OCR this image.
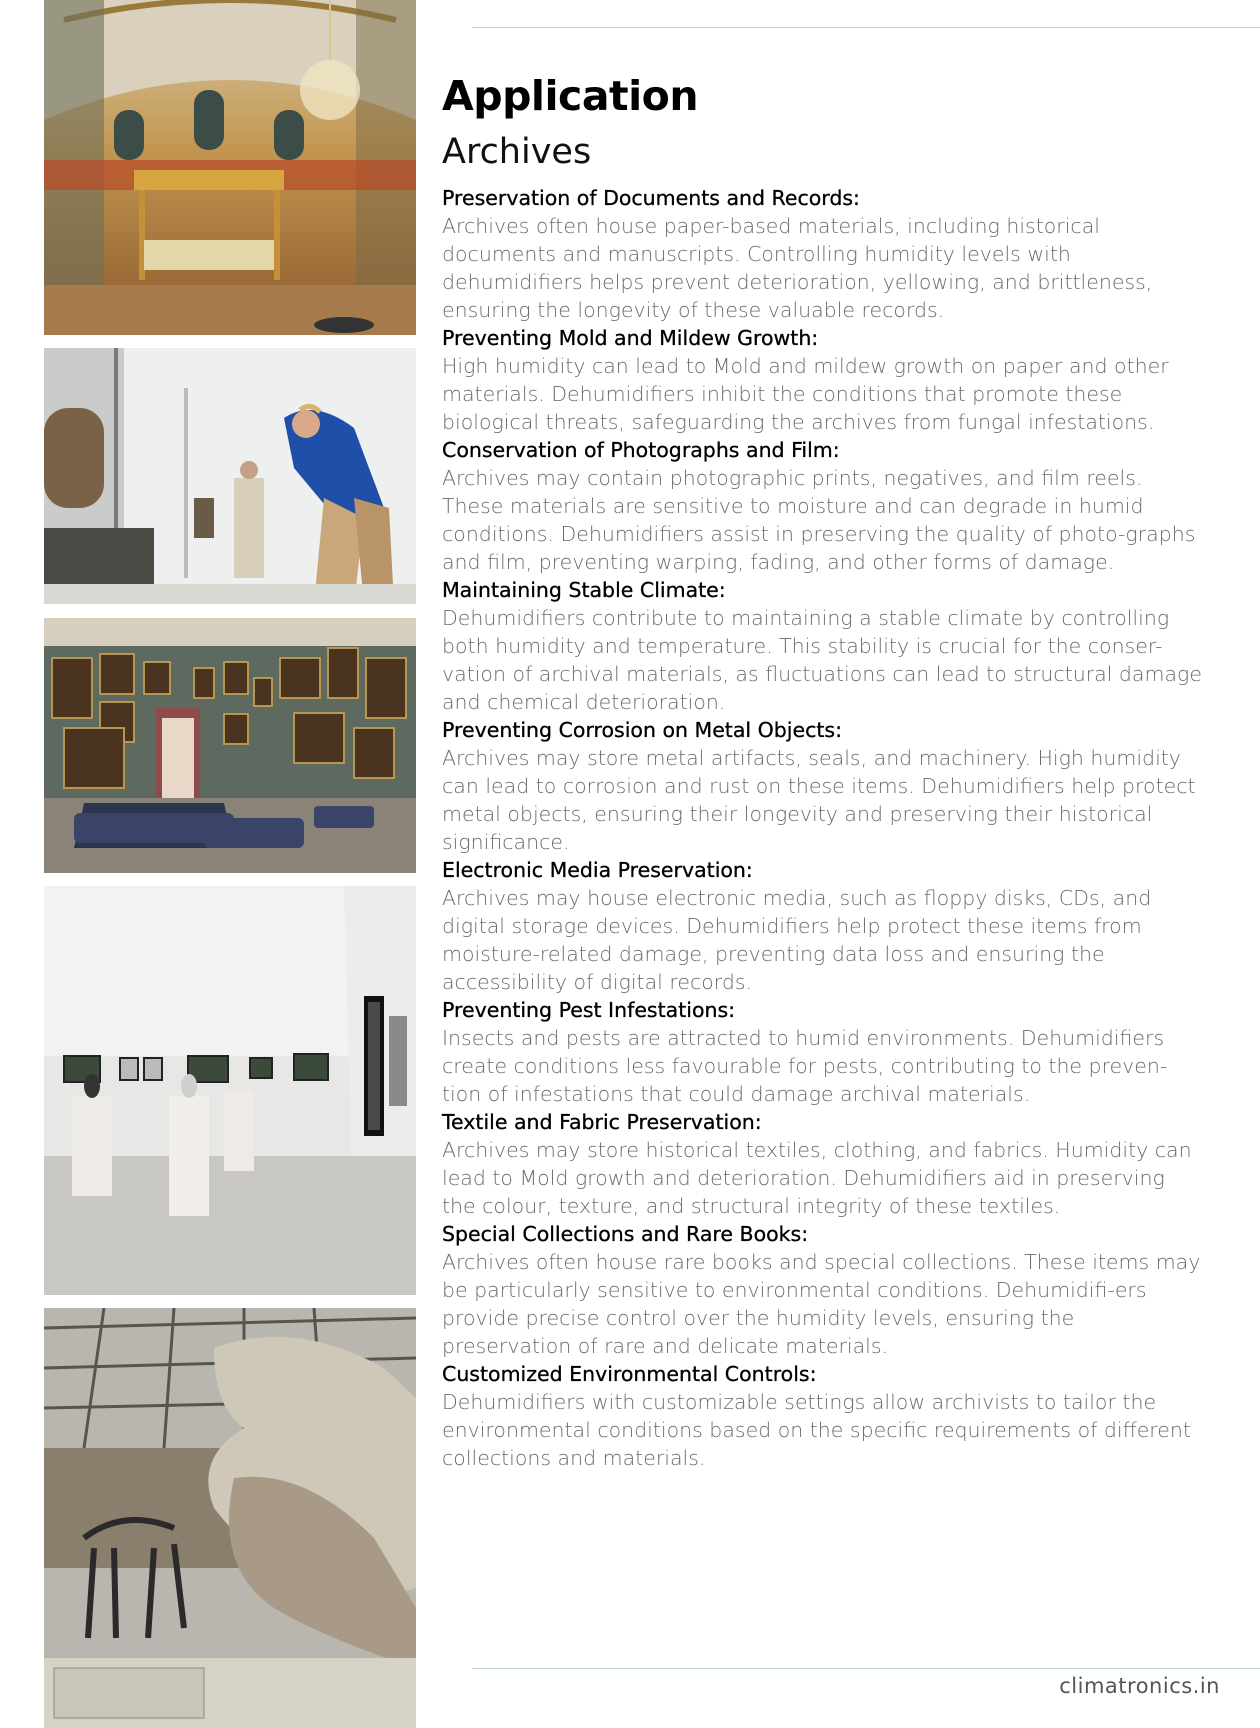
Application
Archives

Preservation of Documents and Records:

Archives often house paper-based materials, including historical documents and manuscripts. Controlling humidity levels with dehumidifiers helps prevent deterioration, yellowing, and brittleness, ensuring the longevity of these valuable records.

Preventing Mold and Mildew Growth:

High humidity can lead to Mold and mildew growth on paper and other materials. Dehumidifiers inhibit the conditions that promote these biological threats, safeguarding the archives from fungal infestations.

Conservation of Photographs and Film:

Archives may contain photographic prints, negatives, and film reels. These materials are sensitive to moisture and can degrade in humid conditions. Dehumidifiers assist in preserving the quality of photo-graphs and film, preventing warping, fading, and other forms of damage.

Maintaining Stable Climate:

Dehumidifiers contribute to maintaining a stable climate by controlling both humidity and temperature. This stability is crucial for the conser-vation of archival materials, as fluctuations can lead to structural damage and chemical deterioration.

Preventing Corrosion on Metal Objects:

Archives may store metal artifacts, seals, and machinery. High humidity can lead to corrosion and rust on these items. Dehumidifiers help protect metal objects, ensuring their longevity and preserving their historical significance.

Electronic Media Preservation:

Archives may house electronic media, such as floppy disks, CDs, and digital storage devices. Dehumidifiers help protect these items from moisture-related damage, preventing data loss and ensuring the accessibility of digital records.

Preventing Pest Infestations:

Insects and pests are attracted to humid environments. Dehumidifiers create conditions less favourable for pests, contributing to the preven-tion of infestations that could damage archival materials.

Textile and Fabric Preservation:

Archives may store historical textiles, clothing, and fabrics. Humidity can lead to Mold growth and deterioration. Dehumidifiers aid in preserving the colour, texture, and structural integrity of these textiles.

Special Collections and Rare Books:

Archives often house rare books and special collections. These items may be particularly sensitive to environmental conditions. Dehumidifi-ers provide precise control over the humidity levels, ensuring the preservation of rare and delicate materials.

Customized Environmental Controls:

Dehumidifiers with customizable settings allow archivists to tailor the environmental conditions based on the specific requirements of different collections and materials.

climatronics.in
